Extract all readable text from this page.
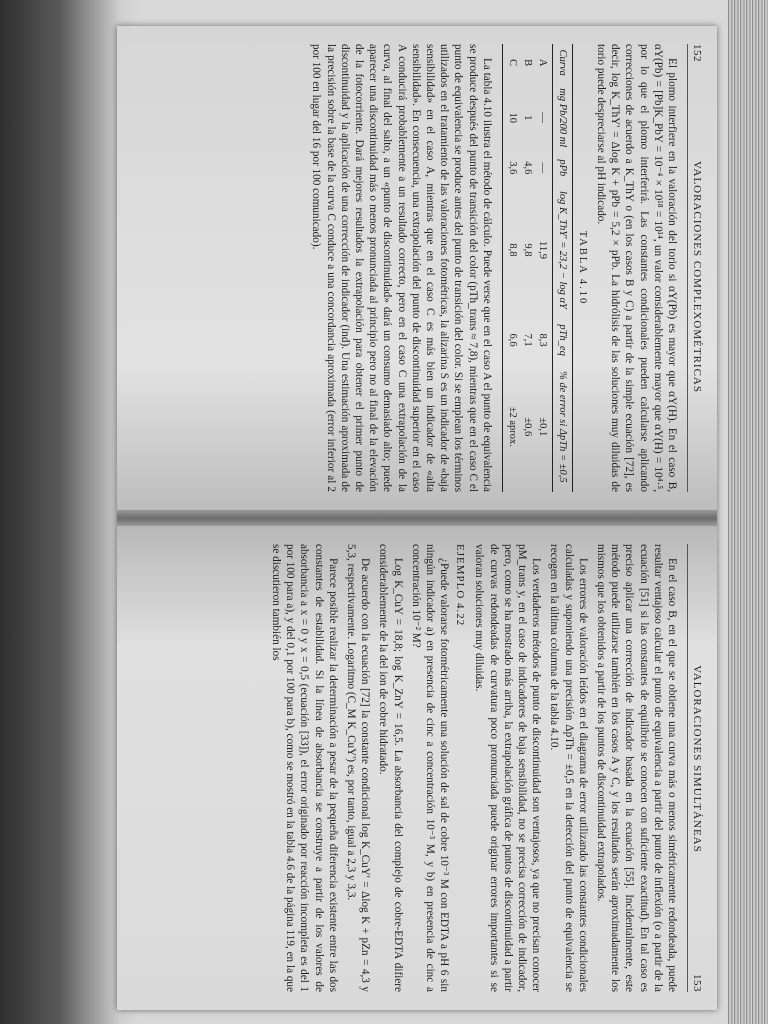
152
VALORACIONES COMPLEXOMÉTRICAS

El plomo interfiere en la valoración del torio si αY(Pb) es mayor que αY(H). En el caso B, αY(Pb) = [Pb]K_PbY = 10⁻⁴ × 10¹⁸ = 10¹⁴, un valor considerablemente mayor que αY(H) = 10⁴·⁵, por lo que el plomo interferirá. Las constantes condicionales pueden calcularse aplicando correcciones de acuerdo a K_ThY o (en los casos B y C) a partir de la simple ecuación [72], es decir, log K_ThY' = Δlog K + pPb = 5,2 × pPb. La hidrólisis de las soluciones muy diluidas de torio puede despreciarse al pH indicado.

TABLA 4.10
Curva	mg Pb/200 ml	pPb	log K_ThY' = 23,2 − log αY	pTh_eq	% de error si ΔpTh = ±0,5
A	—	—	11,9	8,3	±0,1
B	1	4,6	9,8	7,1	±0,6
C	10	3,6	8,8	6,6	±2 aprox.

La tabla 4.10 ilustra el método de cálculo. Puede verse que en el caso A el punto de equivalencia se produce después del punto de transición del color (pTh_trans ≈ 7,8), mientras que en el caso C el punto de equivalencia se produce antes del punto de transición del color. Si se emplean los términos utilizados en el tratamiento de las valoraciones fotométricas, la alizarina S es un indicador de «baja sensibilidad» en el caso A, mientras que en el caso C es más bien un indicador de «alta sensibilidad». En consecuencia, una extrapolación del punto de discontinuidad superior en el caso A conducirá probablemente a un resultado correcto, pero en el caso C una extrapolación de la curva, al final del salto, a un «punto de discontinuidad» dará un consumo demasiado alto; puede aparecer una discontinuidad más o menos pronunciada al principio pero no al final de la elevación de la fotocorriente. Dará mejores resultados la extrapolación para obtener el primer punto de discontinuidad y la aplicación de una corrección de indicador (ind). Una estimación aproximada de la precisión sobre la base de la curva C conduce a una concordancia aproximada (error inferior al 2 por 100 en lugar del 16 por 100 comunicado).

VALORACIONES SIMULTÁNEAS
153

En el caso B, en el que se obtiene una curva más o menos simétricamente redondeada, puede resultar ventajoso calcular el punto de equivalencia a partir del punto de inflexión (o a partir de la ecuación [51] si las constantes de equilibrio se conocen con suficiente exactitud). En tal caso es preciso aplicar una corrección de indicador basada en la ecuación [55]. Incidentalmente, este método puede utilizarse también en los casos A y C, y los resultados serán aproximadamente los mismos que los obtenidos a partir de los puntos de discontinuidad extrapolados.

Los errores de valoración leídos en el diagrama de error utilizando las constantes condicionales calculadas y suponiendo una precisión ΔpTh = ±0,5 en la detección del punto de equivalencia se recogen en la última columna de la tabla 4.10.

Los verdaderos métodos de punto de discontinuidad son ventajosos, ya que no precisan conocer pM_trans y, en el caso de indicadores de baja sensibilidad, no se precisa corrección de indicador, pero, como se ha mostrado más arriba, la extrapolación gráfica de puntos de discontinuidad a partir de curvas redondeadas de curvatura poco pronunciada puede originar errores importantes si se valoran soluciones muy diluidas.

EJEMPLO 4.22

¿Puede valorarse fotométricamente una solución de sal de cobre 10⁻³ M con EDTA a pH 6 sin ningún indicador a) en presencia de cinc a concentración 10⁻³ M, y b) en presencia de cinc a concentración 10⁻² M?

Log K_CuY = 18,8; log K_ZnY = 16,5. La absorbancia del complejo de cobre-EDTA difiere considerablemente de la del ion de cobre hidratado.

De acuerdo con la ecuación [72] la constante condicional log K_CuY' = Δlog K + pZn = 4,3 y 5,3, respectivamente. Logaritmo (C_M K_CuY') es, por tanto, igual a 2,3 y 3,3.

Parece posible realizar la determinación a pesar de la pequeña diferencia existente entre las dos constantes de estabilidad. Si la línea de absorbancia se construye a partir de los valores de absorbancia a x = 0 y x = 0,5 (ecuación [33]), el error originado por reacción incompleta es del 1 por 100 para a), y del 0,1 por 100 para b), como se mostró en la tabla 4.6 de la página 119, en la que se discutieron también los
